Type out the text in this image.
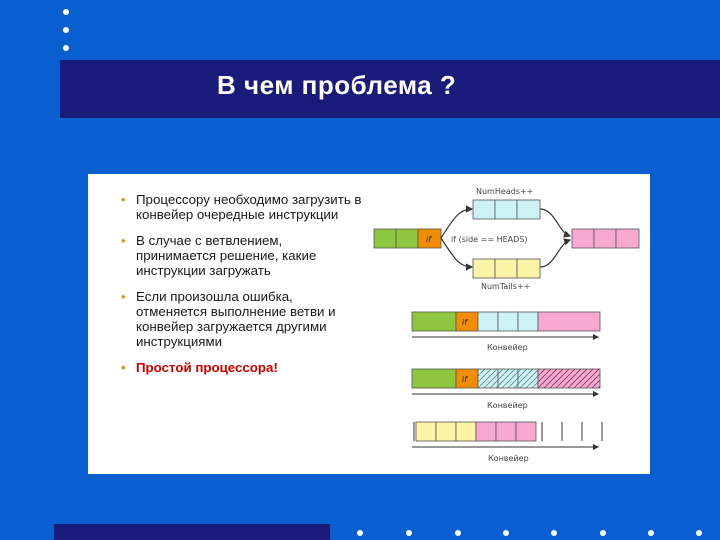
В чем проблема ?
• Процессору необходимо загрузить в конвейер очередные инструкции
• В случае с ветвлением, принимается решение, какие инструкции загружать
• Если произошла ошибка, отменяется выполнение ветви и конвейер загружается другими инструкциями
• Простой процессора!
NumHeads++
if if (side == HEADS)
NumTails++
if
Конвейер
if
Конвейер
Конвейер
